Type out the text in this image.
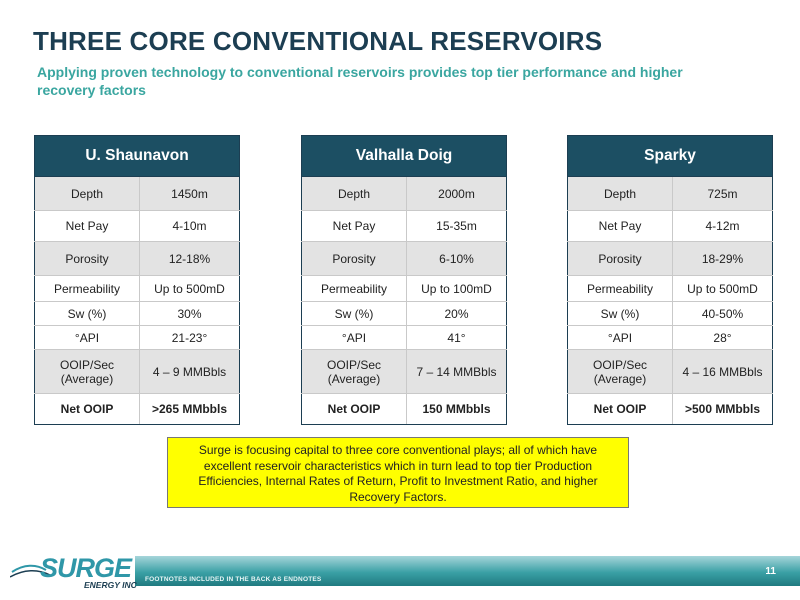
THREE CORE CONVENTIONAL RESERVOIRS
Applying proven technology to conventional reservoirs provides top tier performance and higher recovery factors
U. Shaunavon	
Depth	1450m
Net Pay	4-10m
Porosity	12-18%
Permeability	Up to 500mD
Sw (%)	30%
°API	21-23°
OOIP/Sec (Average)	4 – 9 MMBbls
Net OOIP	>265 MMbbls
Valhalla Doig	
Depth	2000m
Net Pay	15-35m
Porosity	6-10%
Permeability	Up to 100mD
Sw (%)	20%
°API	41°
OOIP/Sec (Average)	7 – 14 MMBbls
Net OOIP	150 MMbbls
Sparky	
Depth	725m
Net Pay	4-12m
Porosity	18-29%
Permeability	Up to 500mD
Sw (%)	40-50%
°API	28°
OOIP/Sec (Average)	4 – 16 MMBbls
Net OOIP	>500 MMbbls
Surge is focusing capital to three core conventional plays; all of which have excellent reservoir characteristics which in turn lead to top tier Production Efficiencies, Internal Rates of Return, Profit to Investment Ratio, and higher Recovery Factors.
FOOTNOTES INCLUDED IN THE BACK AS ENDNOTES
11
SURGE
ENERGY INC
